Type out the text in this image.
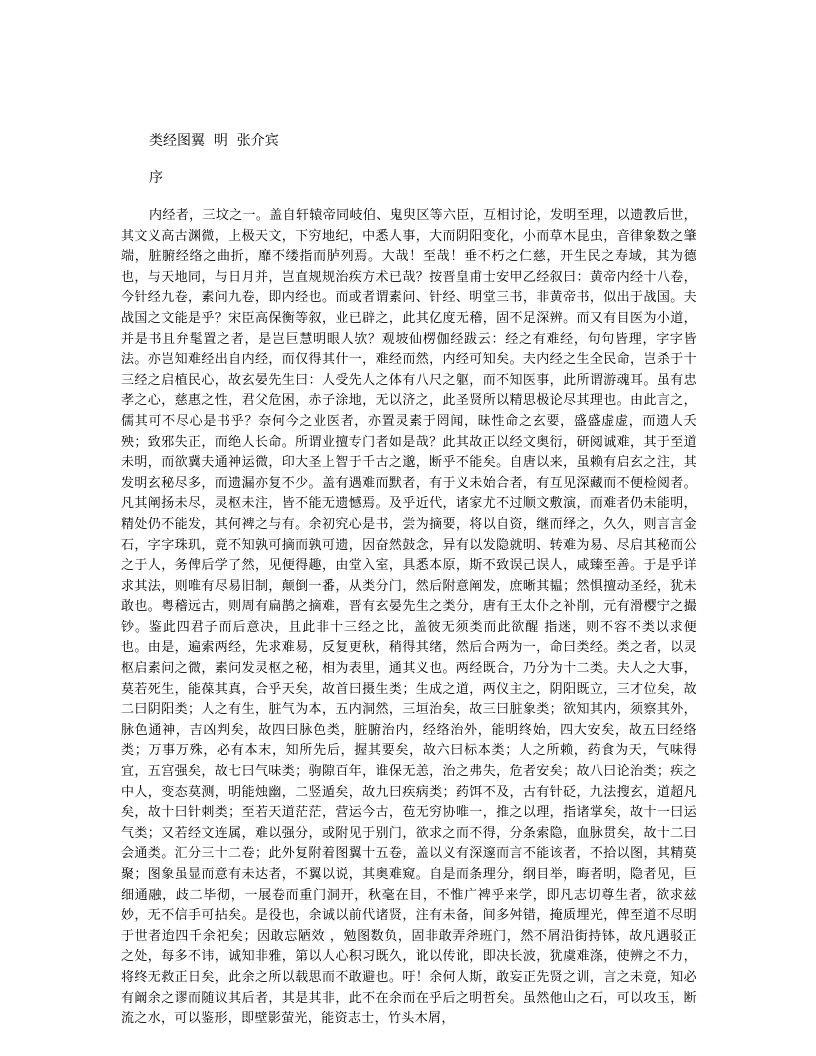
类经图翼  明  张介宾
序

内经者，三坟之一。盖自轩辕帝同岐伯、鬼臾区等六臣，互相讨论，发明至理，以遗教后世，其文义高古渊微，上极天文，下穷地纪，中悉人事，大而阴阳变化，小而草木昆虫，音律象数之肇端，脏腑经络之曲折，靡不缕指而胪列焉。大哉！至哉！垂不朽之仁慈，开生民之寿域，其为德也，与天地同，与日月并，岂直规规治疾方术已哉？按晋皇甫士安甲乙经叙曰：黄帝内经十八卷，今针经九卷，素问九卷，即内经也。而或者谓素问、针经、明堂三书，非黄帝书，似出于战国。夫战国之文能是乎？宋臣高保衡等叙，业已辟之，此其亿度无稽，固不足深辨。而又有目医为小道，并是书且弁髦置之者，是岂巨慧明眼人欤？观坡仙楞伽经跋云：经之有难经，句句皆理，字字皆法。亦岂知难经出自内经，而仅得其什一，难经而然，内经可知矣。夫内经之生全民命，岂杀于十三经之启植民心，故玄晏先生曰：人受先人之体有八尺之躯，而不知医事，此所谓游魂耳。虽有忠孝之心，慈惠之性，君父危困，赤子涂地，无以济之，此圣贤所以精思极论尽其理也。由此言之，儒其可不尽心是书乎？奈何今之业医者，亦置灵素于罔闻，昧性命之玄要，盛盛虚虚，而遗人夭殃；致邪失正，而绝人长命。所谓业擅专门者如是哉？此其故正以经文奥衍，研阅诚难，其于至道未明，而欲冀夫通神运微，印大圣上智于千古之邈，断乎不能矣。自唐以来，虽赖有启玄之注，其发明玄秘尽多，而遗漏亦复不少。盖有遇难而默者，有于义未始合者，有互见深藏而不便检阅者。凡其阐扬未尽，灵枢未注，皆不能无遗憾焉。及乎近代，诸家尤不过顺文敷演，而难者仍未能明，精处仍不能发，其何裨之与有。余初究心是书，尝为摘要，将以自资，继而绎之，久久，则言言金石，字字珠玑，竟不知孰可摘而孰可遗，因奋然鼓念，异有以发隐就明、转难为易、尽启其秘而公之于人，务俾后学了然，见便得趣，由堂入室，具悉本原，斯不致误己误人，咸臻至善。于是乎详求其法，则唯有尽易旧制，颠倒一番，从类分门，然后附意阐发，庶晰其韫；然惧擅动圣经，犹未敢也。粤稽远古，则周有扁鹊之摘难，晋有玄晏先生之类分，唐有王太仆之补削，元有滑樱宁之撮钞。鉴此四君子而后意决，且此非十三经之比，盖彼无须类而此欲醒 指迷，则不容不类以求便也。由是，遍索两经，先求难易，反复更秋，稍得其绪，然后合两为一，命曰类经。类之者，以灵枢启素问之微，素问发灵枢之秘，相为表里，通其义也。两经既合，乃分为十二类。夫人之大事，莫若死生，能葆其真，合乎天矣，故首曰摄生类；生成之道，两仪主之，阴阳既立，三才位矣，故二曰阴阳类；人之有生，脏气为本，五内洞然，三垣治矣，故三曰脏象类；欲知其内，须察其外，脉色通神，吉凶判矣，故四曰脉色类，脏腑治内，经络治外，能明终始，四大安矣，故五曰经络类；万事万殊，必有本末，知所先后，握其要矣，故六曰标本类；人之所赖，药食为天，气味得宜，五宫强矣，故七曰气味类；驹隙百年，谁保无恙，治之弗失，危者安矣；故八曰论治类；疾之中人，变态莫测，明能烛幽，二竖遁矣，故九曰疾病类；药饵不及，古有针砭，九法搜玄，道超凡矣，故十曰针刺类；至若天道茫茫，营运今古，苞无穷协唯一，推之以理，指诸掌矣，故十一曰运气类；又若经文连属，难以强分，或附见于别门，欲求之而不得，分条索隐，血脉贯矣，故十二曰会通类。汇分三十二卷；此外复附着图翼十五卷，盖以义有深邃而言不能该者，不拾以图，其精莫聚；图象虽显而意有未达者，不翼以说，其奥难窥。自是而条理分，纲目举，晦者明，隐者见，巨细通融，歧二毕彻，一展卷而重门洞开，秋毫在目，不惟广裨乎来学，即凡志切尊生者，欲求兹妙，无不信手可拈矣。是役也，余诚以前代诸贤，注有未备，间多舛错，掩质埋光，俾至道不尽明于世者迨四千余祀矣；因敢忘陋效 ，勉图数负，固非敢弄斧班门，然不屑沿街持钵，故凡遇驳正之处，每多不讳，诚知非雅，第以人心积习既久，讹以传讹，即决长波，犹虞难涤，使辨之不力，将终无救正日矣，此余之所以载思而不敢避也。吁！余何人斯，敢妄正先贤之训，言之未竟，知必有阚余之谬而随议其后者，其是其非，此不在余而在乎后之明哲矣。虽然他山之石，可以攻玉，断流之水，可以鉴形，即壁影萤光，能资志士，竹头木屑，
